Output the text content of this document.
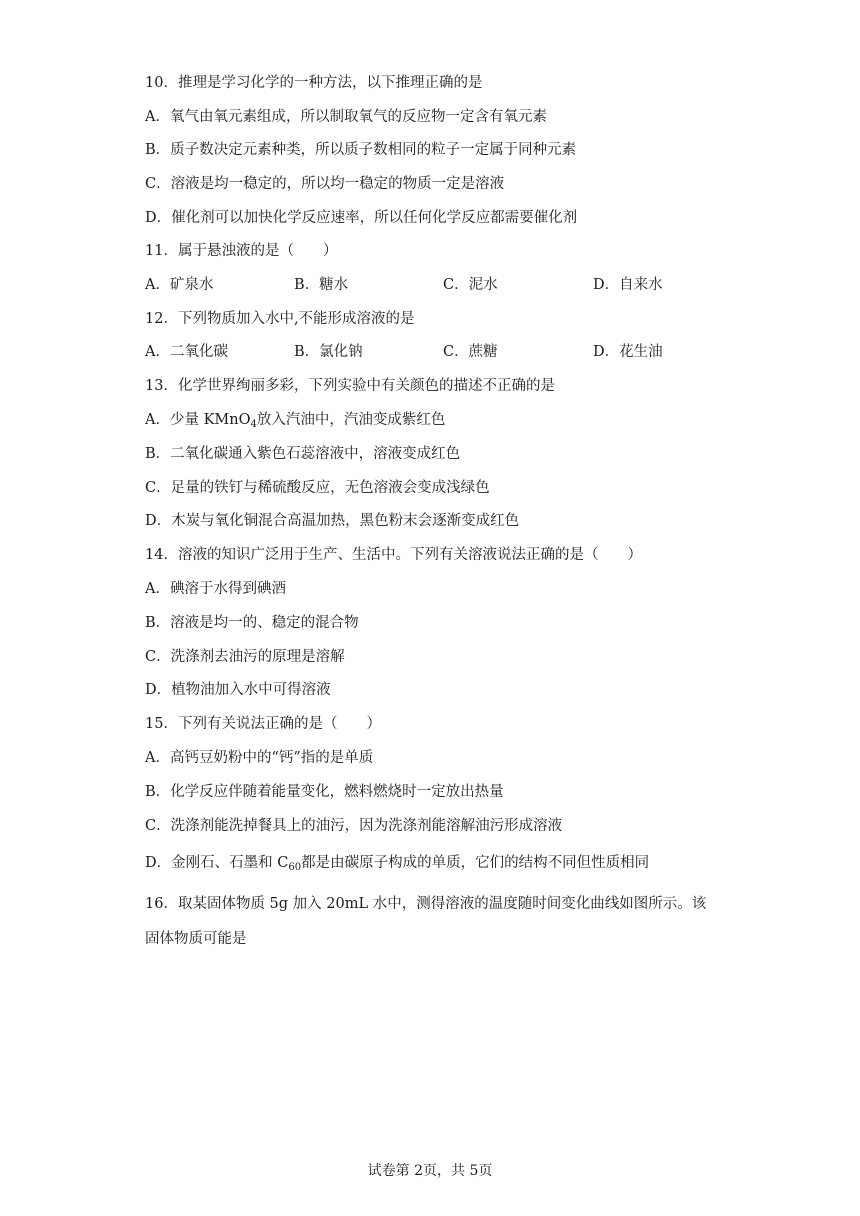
10．推理是学习化学的一种方法，以下推理正确的是
A．氧气由氧元素组成，所以制取氧气的反应物一定含有氧元素
B．质子数决定元素种类，所以质子数相同的粒子一定属于同种元素
C．溶液是均一稳定的，所以均一稳定的物质一定是溶液
D．催化剂可以加快化学反应速率，所以任何化学反应都需要催化剂
11．属于悬浊液的是（　　）
A．矿泉水	B．糖水	C．泥水	D．自来水
12．下列物质加入水中,不能形成溶液的是
A．二氧化碳	B．氯化钠	C．蔗糖	D．花生油
13．化学世界绚丽多彩，下列实验中有关颜色的描述不正确的是
A．少量 KMnO$_4$放入汽油中，汽油变成紫红色
B．二氧化碳通入紫色石蕊溶液中，溶液变成红色
C．足量的铁钉与稀硫酸反应，无色溶液会变成浅绿色
D．木炭与氧化铜混合高温加热，黑色粉末会逐渐变成红色
14．溶液的知识广泛用于生产、生活中。下列有关溶液说法正确的是（　　）
A．碘溶于水得到碘酒
B．溶液是均一的、稳定的混合物
C．洗涤剂去油污的原理是溶解
D．植物油加入水中可得溶液
15．下列有关说法正确的是（　　）
A．高钙豆奶粉中的“钙”指的是单质
B．化学反应伴随着能量变化，燃料燃烧时一定放出热量
C．洗涤剂能洗掉餐具上的油污，因为洗涤剂能溶解油污形成溶液
D．金刚石、石墨和 $C_{60}$都是由碳原子构成的单质，它们的结构不同但性质相同
16．取某固体物质 5g 加入 20mL 水中，测得溶液的温度随时间变化曲线如图所示。该
固体物质可能是
试卷第 2页，共 5页
